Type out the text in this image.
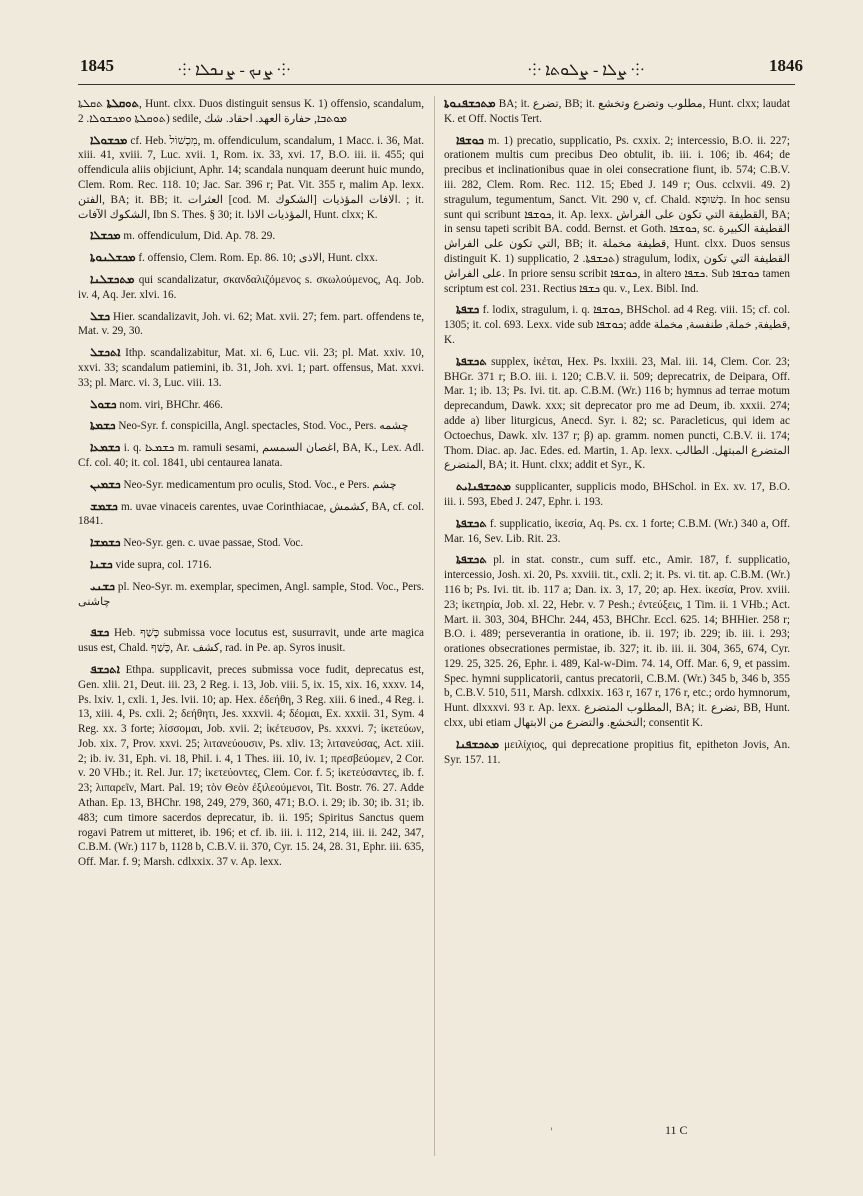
1845	⸭ ܨܢܟ - ܨܢܟܠܐ ⸭	⸭ ܨܠܐ - ܨܠܘܬܐ ⸭	1846

ܬܘܩܠܬܐ ܬܩܠܬܐ, Hunt. clxx. Duos distinguit sensus K. 1) offensio, scandalum, ܬܘܩܠܬܐ ܘܡܟܫܘܠܐ. 2) sedile, ܡܘܬܒܐ, حفارة العهد. احقاد. شك

ܡܟܫܘܠܐ cf. Heb. מִכְשׁוֹל, m. offendiculum, scandalum, 1 Macc. i. 36, Mat. xiii. 41, xviii. 7, Luc. xvii. 1, Rom. ix. 33, xvi. 17, B.O. iii. ii. 455; qui offendicula aliis objiciunt, Aphr. 14; scandala nunquam deerunt huic mundo, Clem. Rom. Rec. 118. 10; Jac. Sar. 396 r; Pat. Vit. 355 r, malim Ap. lexx. الفتن, BA; it. BB; it. العثرات [cod. M. الشكوك] الافات المؤذيات. ; it. الشكوك الآفات, Ibn S. Thes. § 30; it. المؤذيات الاذا, Hunt. clxx; K.

ܡܟܫܠܐ m. offendiculum, Did. Ap. 78. 29.

ܡܟܫܠܢܘܬܐ f. offensio, Clem. Rom. Ep. 86. 10; الاذى, Hunt. clxx.

ܡܬܟܫܠܢܐ qui scandalizatur, σκανδαλιζόμενος s. σκωλούμενος, Aq. Job. iv. 4, Aq. Jer. xlvi. 16.

ܟܫܠ Hier. scandalizavit, Joh. vi. 62; Mat. xvii. 27; fem. part. offendens te, Mat. v. 29, 30.

ܐܬܟܫܠ Ithp. scandalizabitur, Mat. xi. 6, Luc. vii. 23; pl. Mat. xxiv. 10, xxvi. 33; scandalum patiemini, ib. 31, Joh. xvi. 1; part. offensus, Mat. xxvi. 33; pl. Marc. vi. 3, Luc. viii. 13.

ܟܫܘܠ nom. viri, BHChr. 466.

ܟܫܡܬܐ Neo-Syr. f. conspicilla, Angl. spectacles, Stod. Voc., Pers. چشمه

ܟܫܡܥܐ i. q. ܟܫܡܥܐ m. ramuli sesami, اغصان السمسم, BA, K., Lex. Adl. Cf. col. 40; it. col. 1841, ubi centaurea lanata.

ܟܫܡܝܢ Neo-Syr. medicamentum pro oculis, Stod. Voc., e Pers. چشم

ܟܫܡܫ m. uvae vinaceis carentes, uvae Corinthiacae, كشمش, BA, cf. col. 1841.

ܟܫܡܫܐ Neo-Syr. gen. c. uvae passae, Stod. Voc.

ܟܫܢܐ vide supra, col. 1716.

ܟܫܢܝ pl. Neo-Syr. m. exemplar, specimen, Angl. sample, Stod. Voc., Pers. چاشنی

ܟܫܦ Heb. כָּשַׁף submissa voce locutus est, susurravit, unde arte magica usus est, Chald. כְּשַׁף, Ar. كشف, rad. in Pe. ap. Syros inusit.

ܐܬܟܫܦ Ethpa. supplicavit, preces submissa voce fudit, deprecatus est, Gen. xlii. 21, Deut. iii. 23, 2 Reg. i. 13, Job. viii. 5, ix. 15, xix. 16, xxxv. 14, Ps. lxiv. 1, cxli. 1, Jes. lvii. 10; ap. Hex. ἐδεήθη, 3 Reg. xiii. 6 ined., 4 Reg. i. 13, xiii. 4, Ps. cxli. 2; δεήθητι, Jes. xxxvii. 4; δέομαι, Ex. xxxii. 31, Sym. 4 Reg. xx. 3 forte; λίσσομαι, Job. xvii. 2; ἱκέτευσον, Ps. xxxvi. 7; ἱκετεύων, Job. xix. 7, Prov. xxvi. 25; λιτανεύουσιν, Ps. xliv. 13; λιτανεύσας, Act. xiii. 2; ib. iv. 31, Eph. vi. 18, Phil. i. 4, 1 Thes. iii. 10, iv. 1; πρεσβεύομεν, 2 Cor. v. 20 VHb.; it. Rel. Jur. 17; ἱκετεύοντες, Clem. Cor. f. 5; ἱκετεύσαντες, ib. f. 23; λιπαρεῖν, Mart. Pal. 19; τὸν Θεὸν ἐξιλεούμενοι, Tit. Bostr. 76. 27. Adde Athan. Ep. 13, BHChr. 198, 249, 279, 360, 471; B.O. i. 29; ib. 30; ib. 31; ib. 483; cum timore sacerdos deprecatur, ib. ii. 195; Spiritus Sanctus quem rogavi Patrem ut mitteret, ib. 196; et cf. ib. iii. i. 112, 214, iii. ii. 242, 347, C.B.M. (Wr.) 117 b, 1128 b, C.B.V. ii. 370, Cyr. 15. 24, 28. 31, Ephr. iii. 635, Off. Mar. f. 9; Marsh. cdlxxix. 37 v. Ap. lexx.

ܡܬܟܫܦܢܘܬܐ BA; it. تضرع, BB; it. مطلوب وتضرع وتخشع, Hunt. clxx; laudat K. et Off. Noctis Tert.

ܟܘܫܦܐ m. 1) precatio, supplicatio, Ps. cxxix. 2; intercessio, B.O. ii. 227; orationem multis cum precibus Deo obtulit, ib. iii. i. 106; ib. 464; de precibus et inclinationibus quae in olei consecratione fiunt, ib. 574; C.B.V. iii. 282, Clem. Rom. Rec. 112. 15; Ebed J. 149 r; Ous. cclxvii. 49. 2) stragulum, tegumentum, Sanct. Vit. 290 v, cf. Chald. כְּשׁוּפָא. In hoc sensu sunt qui scribunt ܟܘܫܦܐ, it. Ap. lexx. القطيفة التي تكون على الفراش, BA; in sensu tapeti scribit BA. codd. Bernst. et Goth. ܟܘܫܦܐ, sc. القطيفة الكبيرة التي تكون على الفراش, BB; it. قطيفة مخملة, Hunt. clxx. Duos sensus distinguit K. 1) supplicatio, ܬܟܫܦܬܐ. 2) stragulum, lodix, القطيفة التي تكون على الفراش. In priore sensu scribit ܟܘܫܦܐ, in altero ܟܫܦܐ. Sub ܟܘܫܦܐ tamen scriptum est col. 231. Rectius ܟܫܦܐ qu. v., Lex. Bibl. Ind.

ܟܫܦܬܐ f. lodix, stragulum, i. q. ܟܘܫܦܐ, BHSchol. ad 4 Reg. viii. 15; cf. col. 1305; it. col. 693. Lexx. vide sub ܟܘܫܦܐ; adde قطيفة, خملة, طنفسة, مخملة, K.

ܬܟܫܦܬܐ supplex, ἱκέται, Hex. Ps. lxxiii. 23, Mal. iii. 14, Clem. Cor. 23; BHGr. 371 r; B.O. iii. i. 120; C.B.V. ii. 509; deprecatrix, de Deipara, Off. Mar. 1; ib. 13; Ps. Ivi. tit. ap. C.B.M. (Wr.) 116 b; hymnus ad terrae motum deprecandum, Dawk. xxx; sit deprecator pro me ad Deum, ib. xxxii. 274; adde a) liber liturgicus, Anecd. Syr. i. 82; sc. Paracleticus, qui idem ac Octoechus, Dawk. xlv. 137 r; β) ap. gramm. nomen puncti, C.B.V. ii. 174; Thom. Diac. ap. Jac. Edes. ed. Martin, 1. Ap. lexx. المتضرع المبتهل. الطالب المتضرع, BA; it. Hunt. clxx; addit et Syr., K.

ܡܬܟܫܦܢܐܝܬ supplicanter, supplicis modo, BHSchol. in Ex. xv. 17, B.O. iii. i. 593, Ebed J. 247, Ephr. i. 193.

ܬܟܫܦܬܐ f. supplicatio, ἱκεσία, Aq. Ps. cx. 1 forte; C.B.M. (Wr.) 340 a, Off. Mar. 16, Sev. Lib. Rit. 23.

ܬܟܫܦܬܐ pl. in stat. constr., cum suff. etc., Amir. 187, f. supplicatio, intercessio, Josh. xi. 20, Ps. xxviii. tit., cxli. 2; it. Ps. vi. tit. ap. C.B.M. (Wr.) 116 b; Ps. Ivi. tit. ib. 117 a; Dan. ix. 3, 17, 20; ap. Hex. ἱκεσία, Prov. xviii. 23; ἱκετηρία, Job. xl. 22, Hebr. v. 7 Pesh.; ἐντεύξεις, 1 Tim. ii. 1 VHb.; Act. Mart. ii. 303, 304, BHChr. 244, 453, BHChr. Eccl. 625. 14; BHHier. 258 r; B.O. i. 489; perseverantia in oratione, ib. ii. 197; ib. 229; ib. iii. i. 293; orationes obsecrationes permistae, ib. 327; it. ib. iii. ii. 304, 365, 674, Cyr. 129. 25, 325. 26, Ephr. i. 489, Kal-w-Dim. 74. 14, Off. Mar. 6, 9, et passim. Spec. hymni supplicatorii, cantus precatorii, C.B.M. (Wr.) 345 b, 346 b, 355 b, C.B.V. 510, 511, Marsh. cdlxxix. 163 r, 167 r, 176 r, etc.; ordo hymnorum, Hunt. dlxxxvi. 93 r. Ap. lexx. المطلوب المتضرع, BA; it. تضرع, BB, Hunt. clxx, ubi etiam التخشع. والتضرع من الابتهال; consentit K.

ܡܬܟܫܦܢܐ μειλίχιος, qui deprecatione propitius fit, epitheton Jovis, An. Syr. 157. 11.

'	11 C
